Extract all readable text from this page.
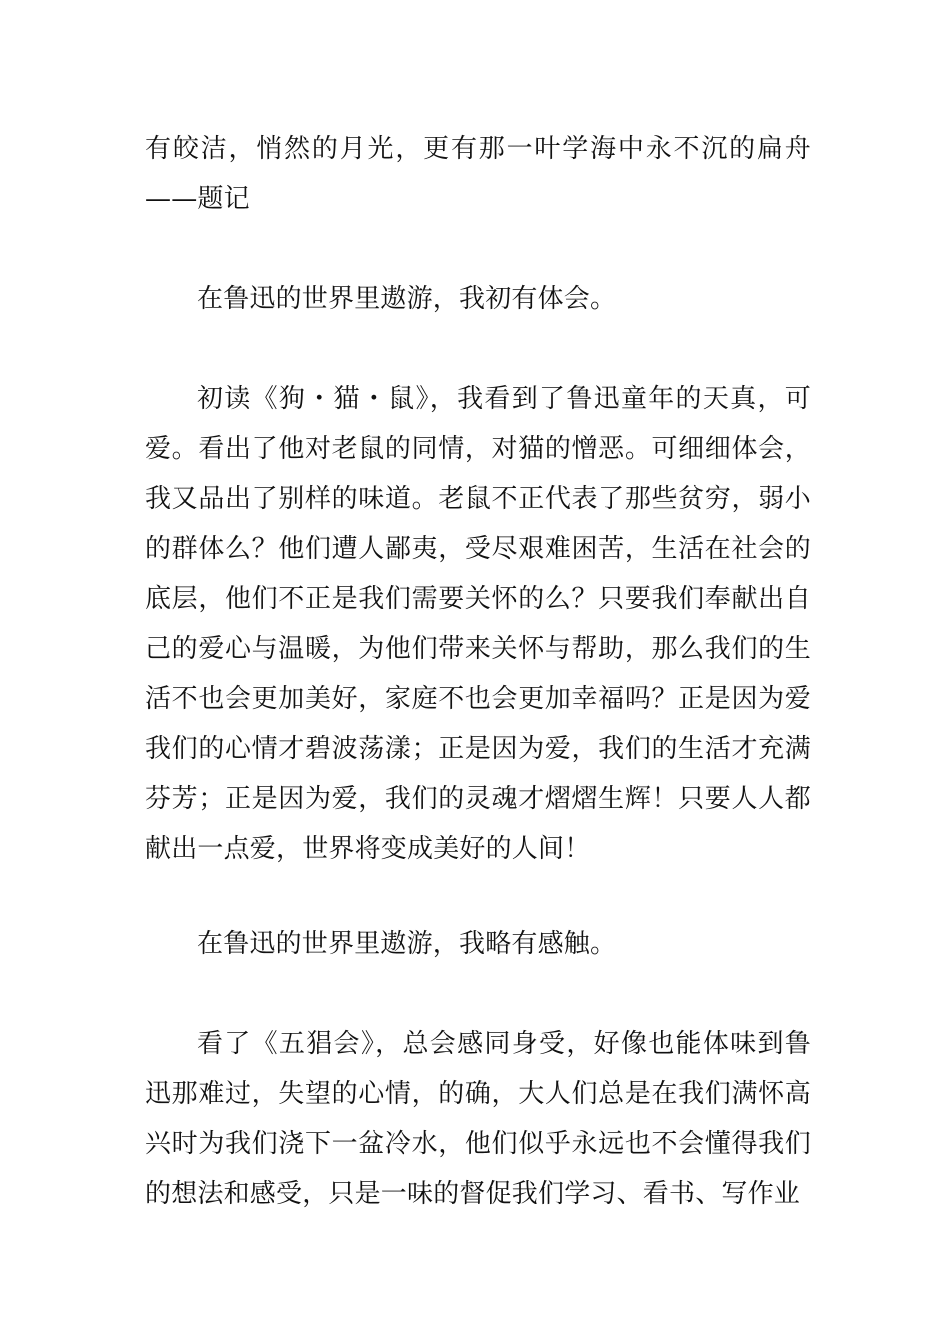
有皎洁，悄然的月光，更有那一叶学海中永不沉的扁舟——题记

在鲁迅的世界里遨游，我初有体会。

初读《狗・猫・鼠》，我看到了鲁迅童年的天真，可爱。看出了他对老鼠的同情，对猫的憎恶。可细细体会，我又品出了别样的味道。老鼠不正代表了那些贫穷，弱小的群体么？他们遭人鄙夷，受尽艰难困苦，生活在社会的底层，他们不正是我们需要关怀的么？只要我们奉献出自己的爱心与温暖，为他们带来关怀与帮助，那么我们的生活不也会更加美好，家庭不也会更加幸福吗？正是因为爱我们的心情才碧波荡漾；正是因为爱，我们的生活才充满芬芳；正是因为爱，我们的灵魂才熠熠生辉！只要人人都献出一点爱，世界将变成美好的人间！

在鲁迅的世界里遨游，我略有感触。

看了《五猖会》，总会感同身受，好像也能体味到鲁迅那难过，失望的心情，的确，大人们总是在我们满怀高兴时为我们浇下一盆冷水，他们似乎永远也不会懂得我们的想法和感受，只是一味的督促我们学习、看书、写作业
